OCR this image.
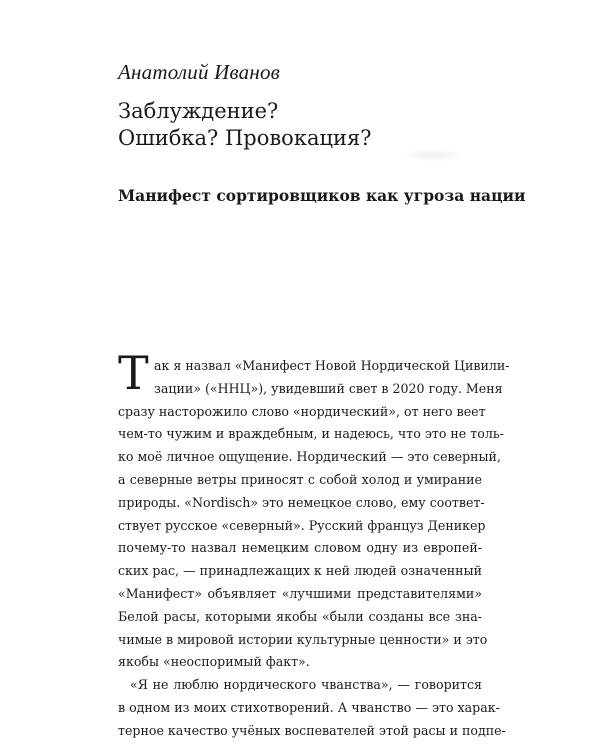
Анатолий Иванов
Заблуждение?
Ошибка? Провокация?
Манифест сортировщиков как угроза нации
Т ак я назвал «Манифест Новой Нордической Цивили-
зации» («ННЦ»), увидевший свет в 2020 году. Меня
сразу насторожило слово «нордический», от него веет
чем-то чужим и враждебным, и надеюсь, что это не толь-
ко моё личное ощущение. Нордический — это северный,
а северные ветры приносят с собой холод и умирание
природы. «Nordisch» это немецкое слово, ему соответ-
ствует русское «северный». Русский француз Деникер
почему-то назвал немецким словом одну из европей-
ских рас, — принадлежащих к ней людей означенный
«Манифест» объявляет «лучшими представителями»
Белой расы, которыми якобы «были созданы все зна-
чимые в мировой истории культурные ценности» и это
якобы «неоспоримый факт».
«Я не люблю нордического чванства», — говорится
в одном из моих стихотворений. А чванство — это харак-
терное качество учёных воспевателей этой расы и подпе-
